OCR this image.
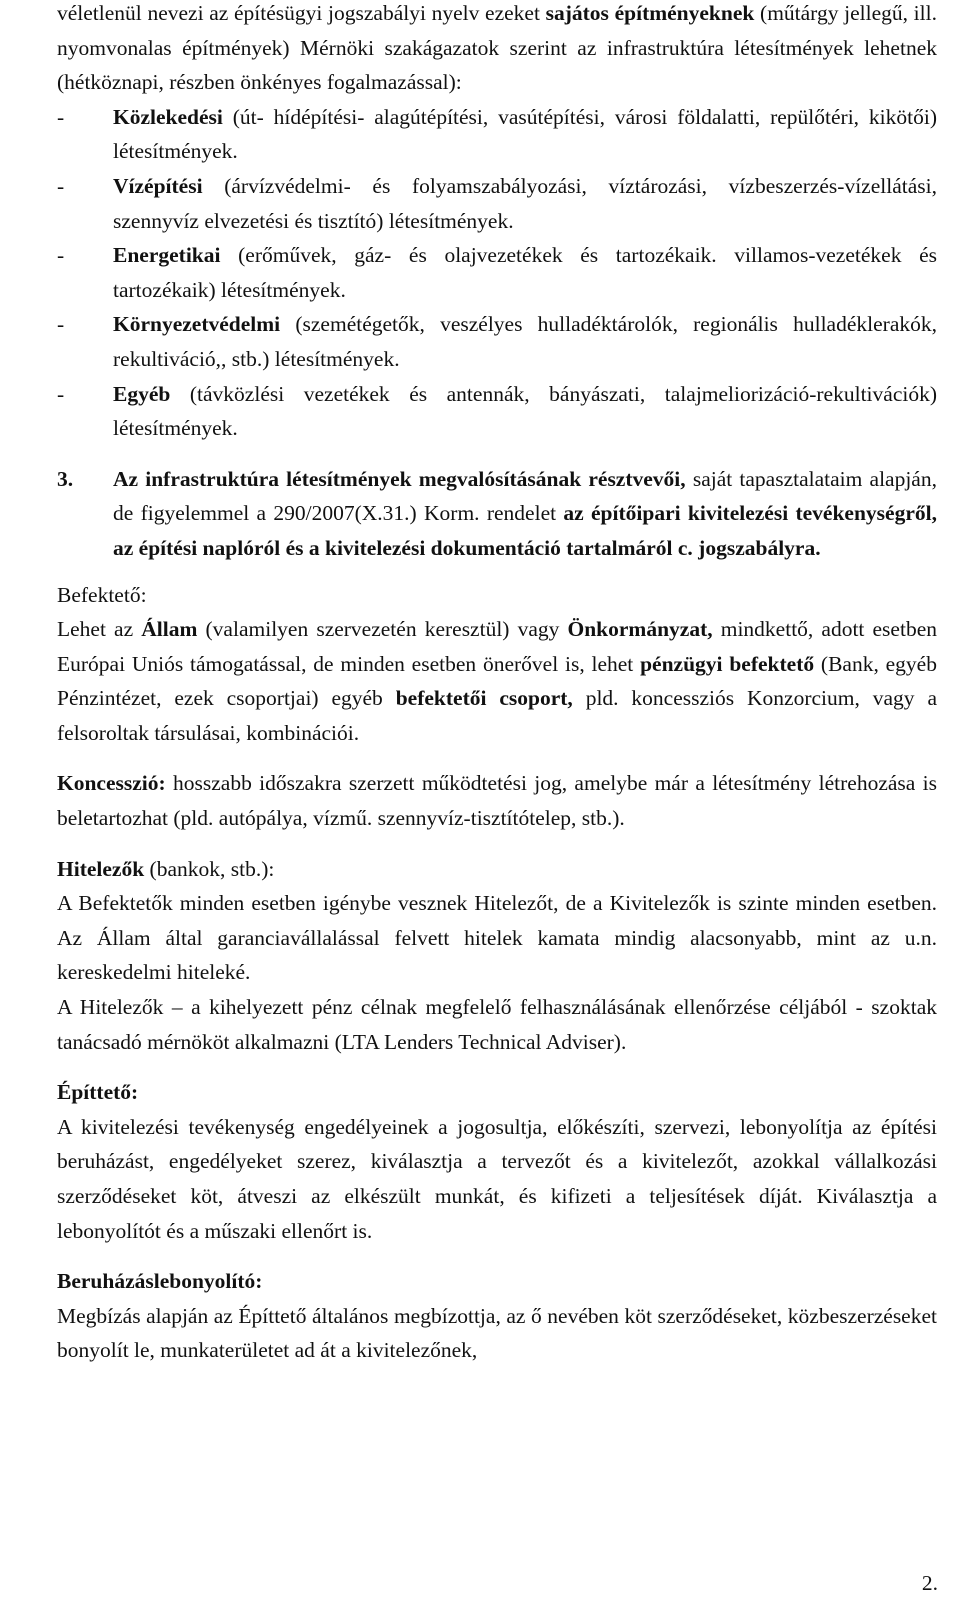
véletlenül nevezi az építésügyi jogszabályi nyelv ezeket sajátos építményeknek (műtárgy jellegű, ill. nyomvonalas építmények) Mérnöki szakágazatok szerint az infrastruktúra létesítmények lehetnek (hétköznapi, részben önkényes fogalmazással):

- Közlekedési (út- hídépítési- alagútépítési, vasútépítési, városi földalatti, repülőtéri, kikötői) létesítmények.
- Vízépítési (árvízvédelmi- és folyamszabályozási, víztározási, vízbeszerzés-vízellátási, szennyvíz elvezetési és tisztító) létesítmények.
- Energetikai (erőművek, gáz- és olajvezetékek és tartozékaik. villamos-vezetékek és tartozékaik) létesítmények.
- Környezetvédelmi (szemétégetők, veszélyes hulladéktárolók, regionális hulladéklerakók, rekultiváció,, stb.) létesítmények.
- Egyéb (távközlési vezetékek és antennák, bányászati, talajmeliorizáció-rekultivációk) létesítmények.
3. Az infrastruktúra létesítmények megvalósításának résztvevői, saját tapasztalataim alapján, de figyelemmel a 290/2007(X.31.) Korm. rendelet az építőipari kivitelezési tevékenységről, az építési naplóról és a kivitelezési dokumentáció tartalmáról c. jogszabályra.

Befektető:

Lehet az Állam (valamilyen szervezetén keresztül) vagy Önkormányzat, mindkettő, adott esetben Európai Uniós támogatással, de minden esetben önerővel is, lehet pénzügyi befektető (Bank, egyéb Pénzintézet, ezek csoportjai) egyéb befektetői csoport, pld. koncessziós Konzorcium, vagy a felsoroltak társulásai, kombinációi.

Koncesszió: hosszabb időszakra szerzett működtetési jog, amelybe már a létesítmény létrehozása is beletartozhat (pld. autópálya, vízmű. szennyvíz-tisztítótelep, stb.).

Hitelezők (bankok, stb.):

A Befektetők minden esetben igénybe vesznek Hitelezőt, de a Kivitelezők is szinte minden esetben. Az Állam által garanciavállalással felvett hitelek kamata mindig alacsonyabb, mint az u.n. kereskedelmi hiteleké.

A Hitelezők – a kihelyezett pénz célnak megfelelő felhasználásának ellenőrzése céljából - szoktak tanácsadó mérnököt alkalmazni (LTA Lenders Technical Adviser).

Építtető:

A kivitelezési tevékenység engedélyeinek a jogosultja, előkészíti, szervezi, lebonyolítja az építési beruházást, engedélyeket szerez, kiválasztja a tervezőt és a kivitelezőt, azokkal vállalkozási szerződéseket köt, átveszi az elkészült munkát, és kifizeti a teljesítések díját. Kiválasztja a lebonyolítót és a műszaki ellenőrt is.

Beruházáslebonyolító:

Megbízás alapján az Építtető általános megbízottja, az ő nevében köt szerződéseket, közbeszerzéseket bonyolít le, munkaterületet ad át a kivitelezőnek,

2.
